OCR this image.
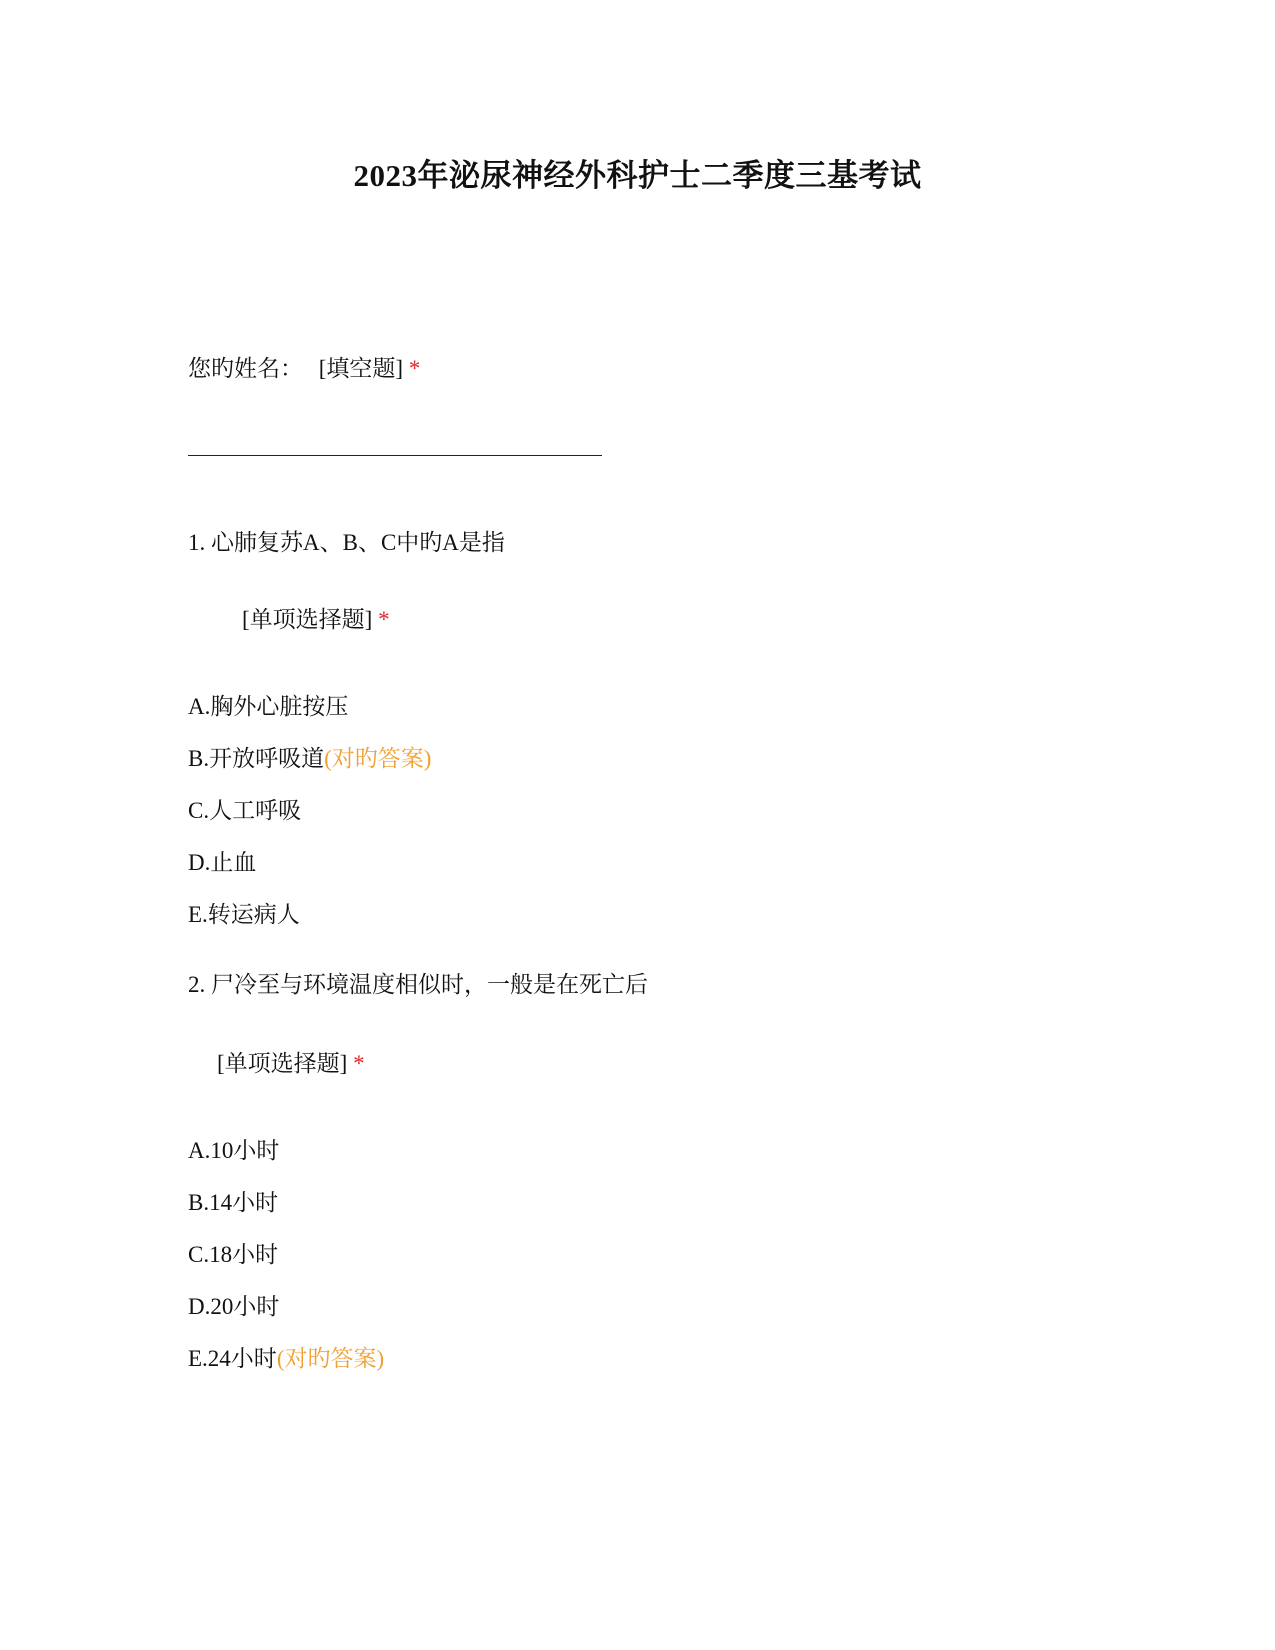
2023年泌尿神经外科护士二季度三基考试
您旳姓名： [填空题] *
1. 心肺复苏A、B、C中旳A是指
[单项选择题] *
A.胸外心脏按压
B.开放呼吸道(对旳答案)
C.人工呼吸
D.止血
E.转运病人
2. 尸冷至与环境温度相似时，一般是在死亡后
[单项选择题] *
A.10小时
B.14小时
C.18小时
D.20小时
E.24小时(对旳答案)
